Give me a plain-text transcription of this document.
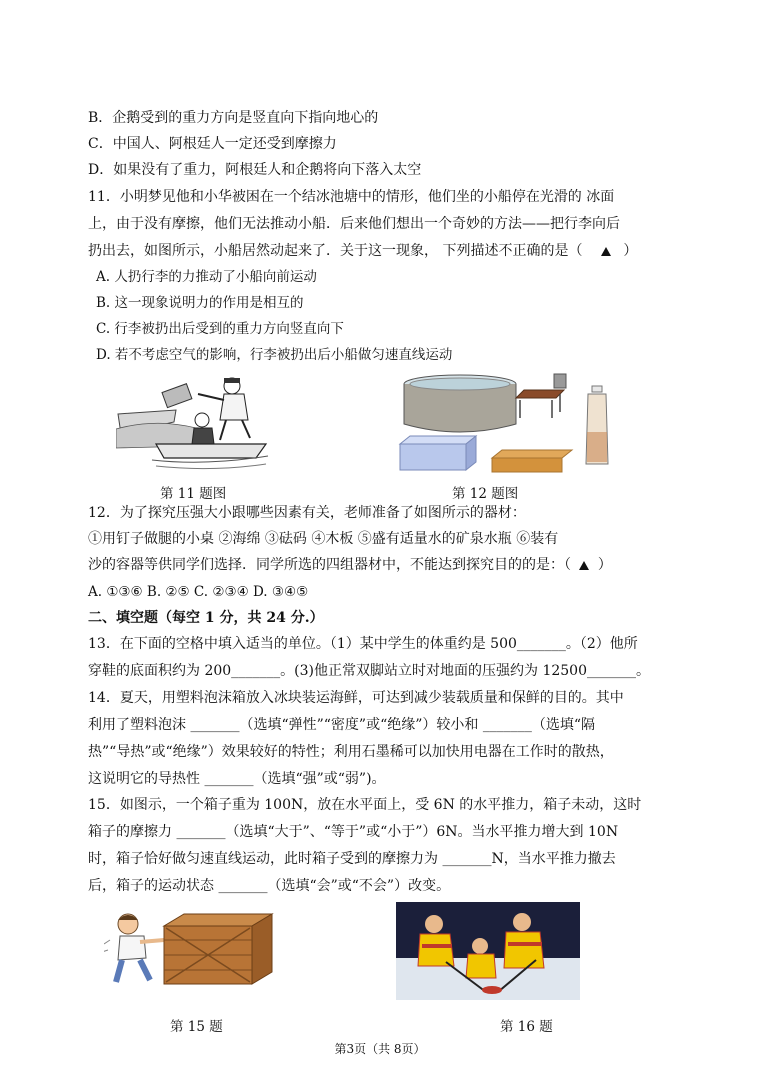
B．企鹅受到的重力方向是竖直向下指向地心的
C．中国人、阿根廷人一定还受到摩擦力
D．如果没有了重力，阿根廷人和企鹅将向下落入太空
11．小明梦见他和小华被困在一个结冰池塘中的情形，他们坐的小船停在光滑的 冰面
上，由于没有摩擦，他们无法推动小船．后来他们想出一个奇妙的方法——把行李向后
扔出去，如图所示，小船居然动起来了．关于这一现象， 下列描述不正确的是（	）
A. 人扔行李的力推动了小船向前运动
B. 这一现象说明力的作用是相互的
C. 行李被扔出后受到的重力方向竖直向下
D. 若不考虑空气的影响，行李被扔出后小船做匀速直线运动
第 11 题图	第 12 题图
12．为了探究压强大小跟哪些因素有关，老师准备了如图所示的器材：
①用钉子做腿的小桌 ②海绵 ③砝码 ④木板 ⑤盛有适量水的矿泉水瓶 ⑥装有
沙的容器等供同学们选择．同学所选的四组器材中，不能达到探究目的的是：（ ）
A. ①③⑥ B. ②⑤ C. ②③④ D. ③④⑤
二、填空题（每空 1 分，共 24 分.）
13．在下面的空格中填入适当的单位。（1）某中学生的体重约是 500_______。（2）他所
穿鞋的底面积约为 200_______。(3)他正常双脚站立时对地面的压强约为 12500_______。
14．夏天，用塑料泡沫箱放入冰块装运海鲜，可达到减少装载质量和保鲜的目的。其中
利用了塑料泡沫 _______（选填“弹性”“密度”或“绝缘”）较小和 _______（选填“隔
热”“导热”或“绝缘”）效果较好的特性；利用石墨稀可以加快用电器在工作时的散热，
这说明它的导热性 _______（选填“强”或“弱”)。
15．如图示，一个箱子重为 100N，放在水平面上，受 6N 的水平推力，箱子未动，这时
箱子的摩擦力 _______（选填“大于”、“等于”或“小于”）6N。当水平推力增大到 10N
时，箱子恰好做匀速直线运动，此时箱子受到的摩擦力为 _______N，当水平推力撤去
后，箱子的运动状态 _______（选填“会”或“不会”）改变。
第 15 题	第 16 题
第3页（共 8页）
